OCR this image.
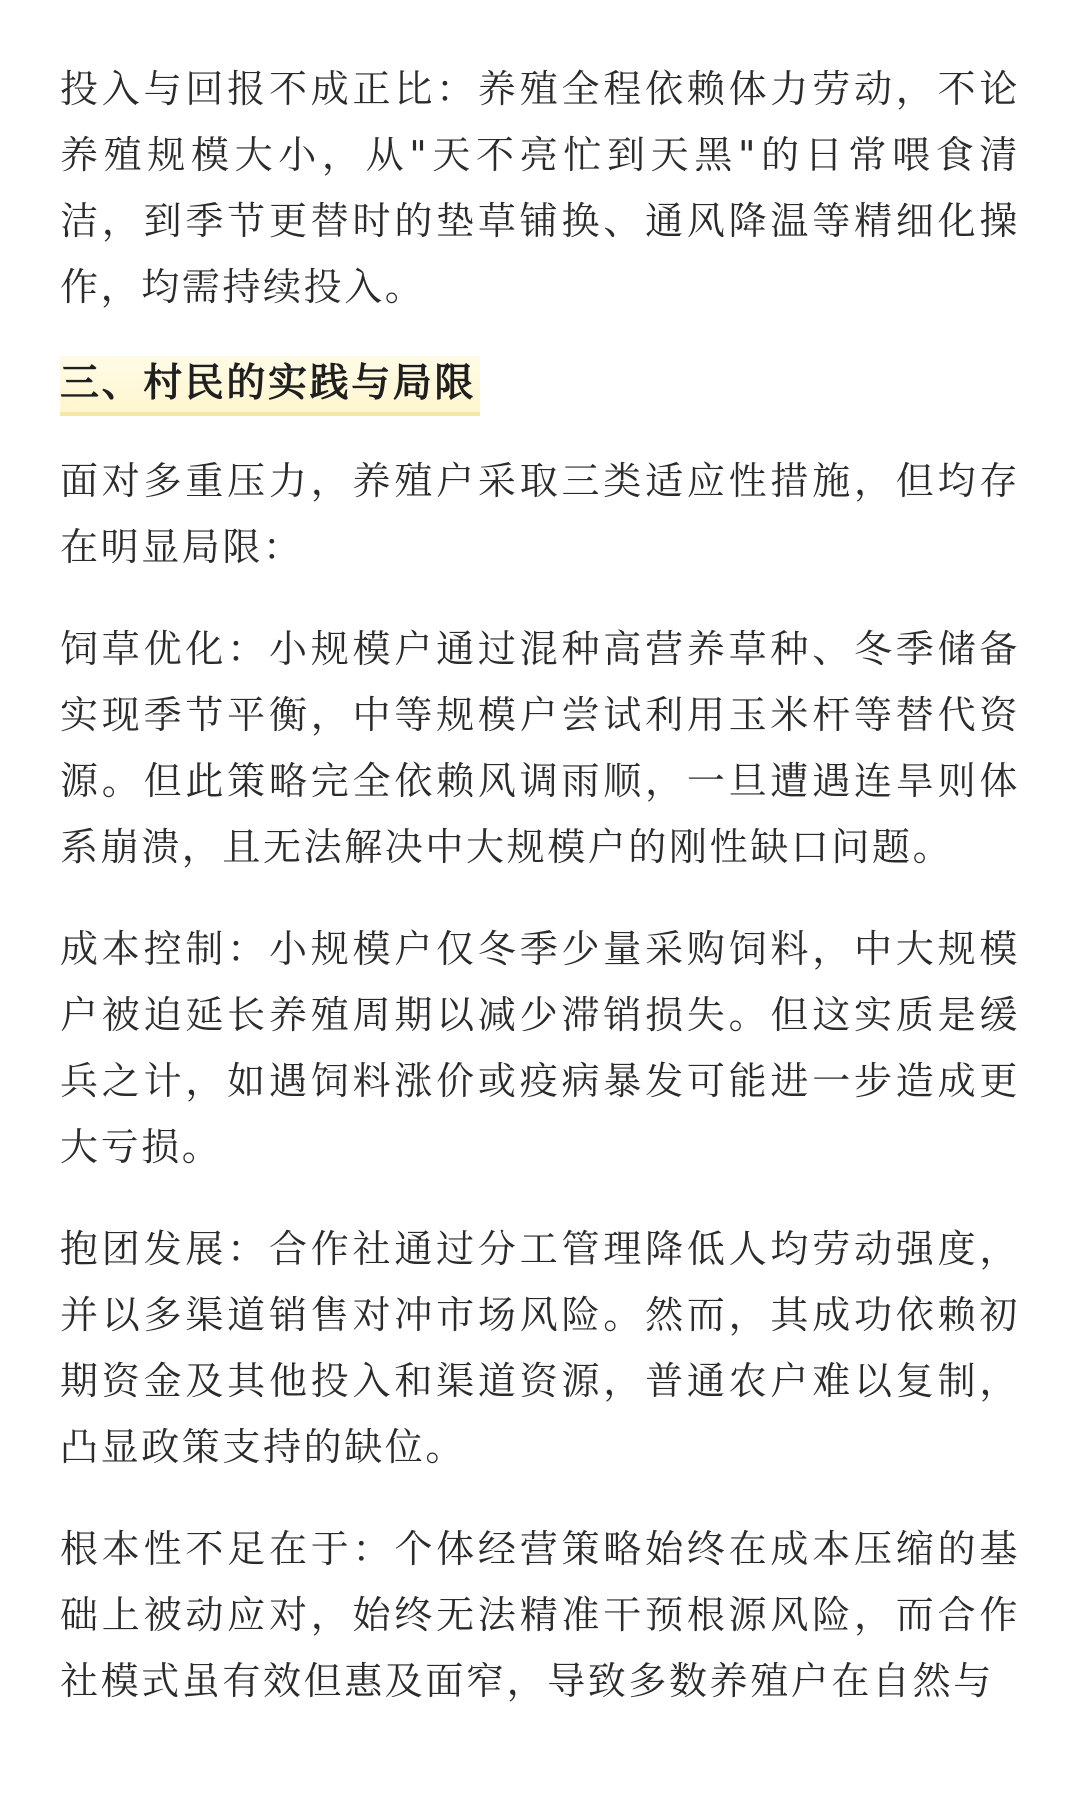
投入与回报不成正比：养殖全程依赖体力劳动，不论养殖规模大小，从"天不亮忙到天黑"的日常喂食清洁，到季节更替时的垫草铺换、通风降温等精细化操作，均需持续投入。

三、村民的实践与局限

面对多重压力，养殖户采取三类适应性措施，但均存在明显局限：

饲草优化：小规模户通过混种高营养草种、冬季储备实现季节平衡，中等规模户尝试利用玉米杆等替代资源。但此策略完全依赖风调雨顺，一旦遭遇连旱则体系崩溃，且无法解决中大规模户的刚性缺口问题。

成本控制：小规模户仅冬季少量采购饲料，中大规模户被迫延长养殖周期以减少滞销损失。但这实质是缓兵之计，如遇饲料涨价或疫病暴发可能进一步造成更大亏损。

抱团发展：合作社通过分工管理降低人均劳动强度，并以多渠道销售对冲市场风险。然而，其成功依赖初期资金及其他投入和渠道资源，普通农户难以复制，凸显政策支持的缺位。

根本性不足在于：个体经营策略始终在成本压缩的基础上被动应对，始终无法精准干预根源风险，而合作社模式虽有效但惠及面窄，导致多数养殖户在自然与
